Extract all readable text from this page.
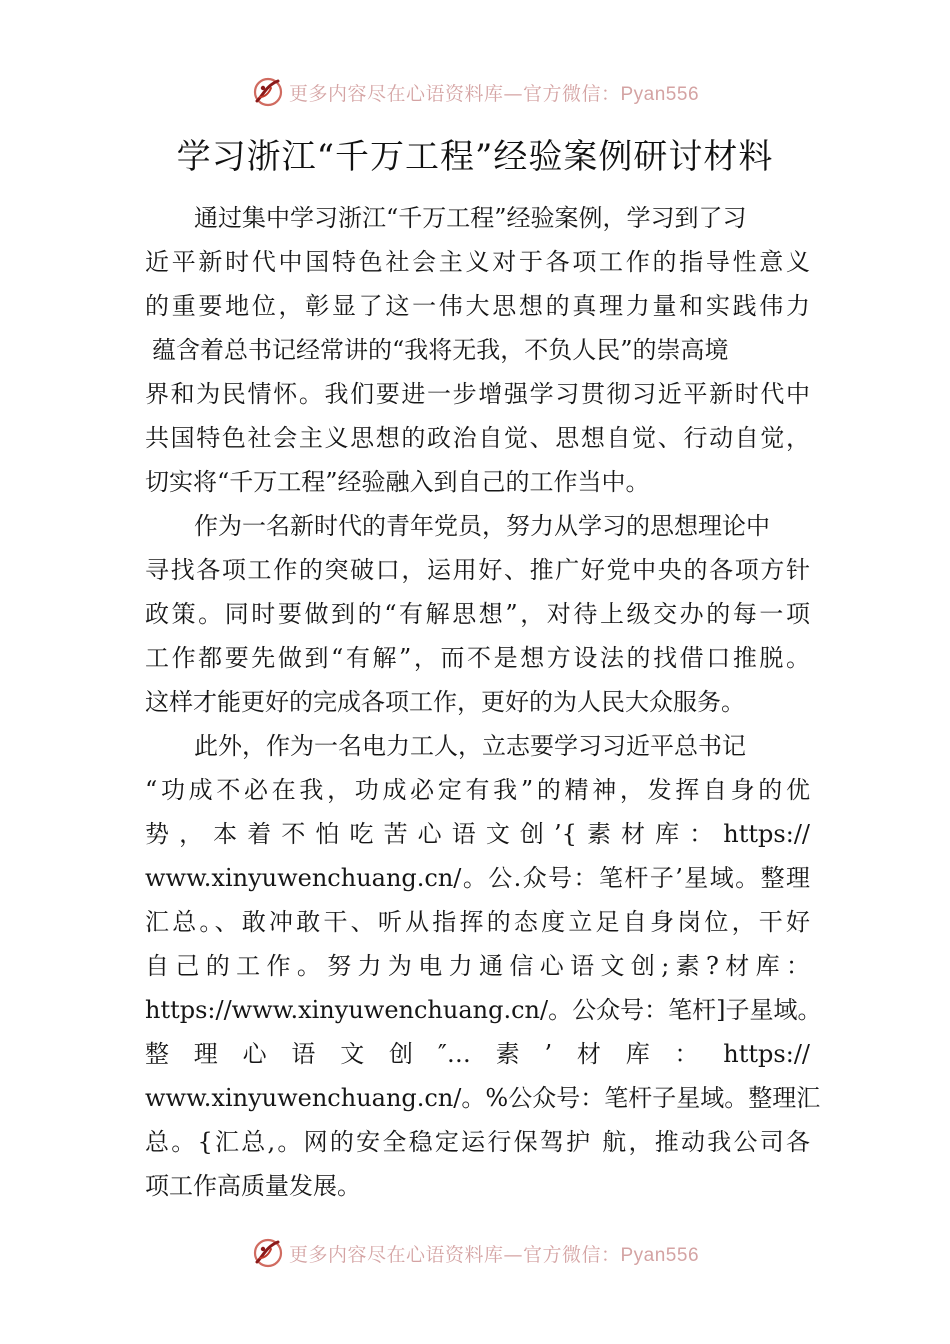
更多内容尽在心语资料库—官方微信：Pyan556
学习浙江“千万工程”经验案例研讨材料
通过集中学习浙江“千万工程”经验案例，学习到了习
近平新时代中国特色社会主义对于各项工作的指导性意义
的重要地位，彰显了这一伟大思想的真理力量和实践伟力
蕴含着总书记经常讲的“我将无我，不负人民”的崇高境
界和为民情怀。我们要进一步增强学习贯彻习近平新时代中
共国特色社会主义思想的政治自觉、思想自觉、行动自觉，
切实将“千万工程”经验融入到自己的工作当中。
作为一名新时代的青年党员，努力从学习的思想理论中
寻找各项工作的突破口，运用好、推广好党中央的各项方针
政策。同时要做到的“有解思想”，对待上级交办的每一项
工作都要先做到“有解”，而不是想方设法的找借口推脱。
这样才能更好的完成各项工作，更好的为人民大众服务。
此外，作为一名电力工人，立志要学习习近平总书记
“功成不必在我，功成必定有我”的精神，发挥自身的优
势，本着不怕吃苦心语文创’{素材库：https://
www.xinyuwenchuang.cn/。公.众号：笔杆子’星域。整理
汇总。、敢冲敢干、听从指挥的态度立足自身岗位，干好
自己的工作。努力为电力通信心语文创;素?材库：
https://www.xinyuwenchuang.cn/。公众号：笔杆]子星域。
整理心语文创″…素’材库：https://
www.xinyuwenchuang.cn/。%公众号：笔杆子星域。整理汇
总。{汇总,。网的安全稳定运行保驾护 航，推动我公司各
项工作高质量发展。
更多内容尽在心语资料库—官方微信：Pyan556
